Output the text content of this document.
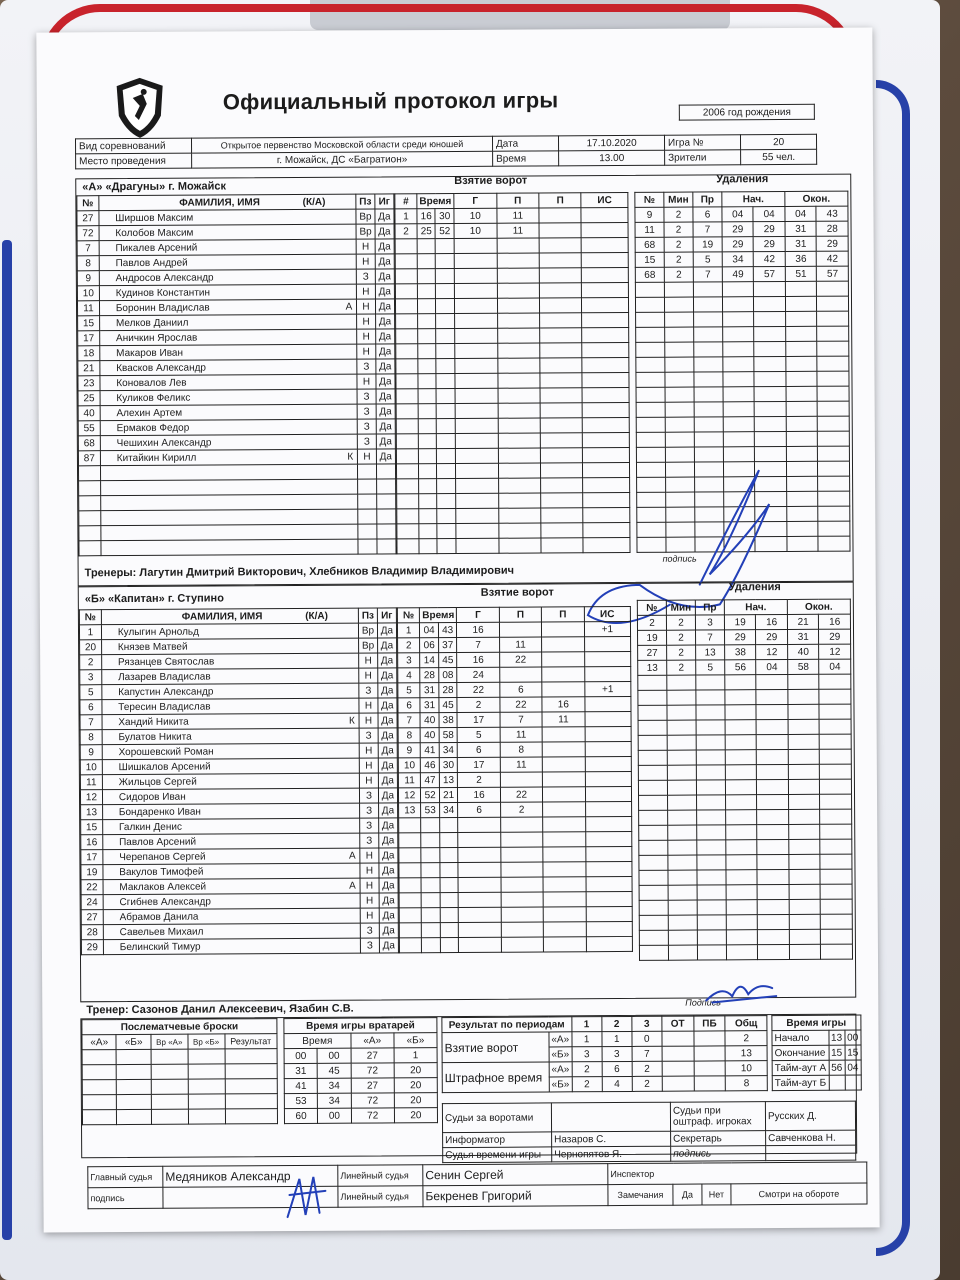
Официальный протокол игры	2006 год рождения
Вид соревнований	Открытое первенство Московской области среди юношей	Дата	17.10.2020	Игра №	20
Место проведения	г. Можайск, ДС «Багратион»	Время	13.00	Зрители	55 чел.
«А» «Драгуны» г. Можайск	Взятие ворот	Удаления
№	ФАМИЛИЯ, ИМЯ (К/А)	Пз	Иг
27	Ширшов Максим	Вр	Да
72	Колобов Максим	Вр	Да
7	Пикалев Арсений	Н	Да
8	Павлов Андрей	Н	Да
9	Андросов Александр	З	Да
10	Кудинов Константин	Н	Да
11	Боронин Владислав А	Н	Да
15	Мелков Даниил	Н	Да
17	Аничкин Ярослав	Н	Да
18	Макаров Иван	Н	Да
21	Квасков Александр	З	Да
23	Коновалов Лев	Н	Да
25	Куликов Феликс	З	Да
40	Алехин Артем	З	Да
55	Ермаков Федор	З	Да
68	Чешихин Александр	З	Да
87	Китайкин Кирилл К	Н	Да

#	Время		Г	П	П	ИС
1	16	30	10	11		
2	25	52	10	11		

№	Мин	Пр	Нач.		Окон.	
9	2	6	04	04	04	43
11	2	7	29	29	31	28
68	2	19	29	29	31	29
15	2	5	34	42	36	42
68	2	7	49	57	51	57

Тренеры: Лагутин Дмитрий Викторович, Хлебников Владимир Владимирович
подпись
«Б» «Капитан» г. Ступино	Взятие ворот	Удаления
№	ФАМИЛИЯ, ИМЯ (К/А)	Пз	Иг
1	Кулыгин Арнольд	Вр	Да
20	Князев Матвей	Вр	Да
2	Рязанцев Святослав	Н	Да
3	Лазарев Владислав	Н	Да
5	Капустин Александр	З	Да
6	Тересин Владислав	Н	Да
7	Хандий Никита К	Н	Да
8	Булатов Никита	З	Да
9	Хорошевский Роман	Н	Да
10	Шишкалов Арсений	Н	Да
11	Жильцов Сергей	Н	Да
12	Сидоров Иван	З	Да
13	Бондаренко Иван	З	Да
15	Галкин Денис	З	Да
16	Павлов Арсений	З	Да
17	Черепанов Сергей А	Н	Да
19	Вакулов Тимофей	Н	Да
22	Маклаков Алексей А	Н	Да
24	Сгибнев Александр	Н	Да
27	Абрамов Данила	Н	Да
28	Савельев Михаил	З	Да
29	Белинский Тимур	З	Да
№	Время		Г	П	П	ИС
1	04	43	16			+1
2	06	37	7	11		
3	14	45	16	22		
4	28	08	24			
5	31	28	22	6		+1
6	31	45	2	22	16	
7	40	38	17	7	11	
8	40	58	5	11		
9	41	34	6	8		
10	46	30	17	11		
11	47	13	2			
12	52	21	16	22		
13	53	34	6	2		

№	Мин	Пр	Нач.		Окон.	
2	2	3	19	16	21	16
19	2	7	29	29	31	29
27	2	13	38	12	40	12
13	2	5	56	04	58	04

Подпись
Тренер: Сазонов Данил Алексеевич, Язабин С.В.
Послематчевые броски				
«А»	«Б»	Вр «А»	Вр «Б»	Результат

Время игры вратарей			
Время		«А»	«Б»
00	00	27	1
31	45	72	20
41	34	27	20
53	34	72	20
60	00	72	20
Результат по периодам		1	2	3	ОТ	ПБ	Общ
Взятие ворот	«А»	1	1	0			2
	«Б»	3	3	7			13
Штрафное время	«А»	2	6	2			10
	«Б»	2	4	2			8
Время игры		
Начало	13	00
Окончание	15	15
Тайм-аут А	56	04
Тайм-аут Б		
Судьи за воротами		Судьи при оштраф. игроках	Русских Д.
Информатор	Назаров С.	Секретарь	Савченкова Н.
Судья времени игры	Чернопятов Я.	подпись	
Главный судья	Медяников Александр	Линейный судья	Сенин Сергей	Инспектор			
подпись		Линейный судья	Бекренев Григорий	Замечания	Да	Нет	Смотри на обороте
